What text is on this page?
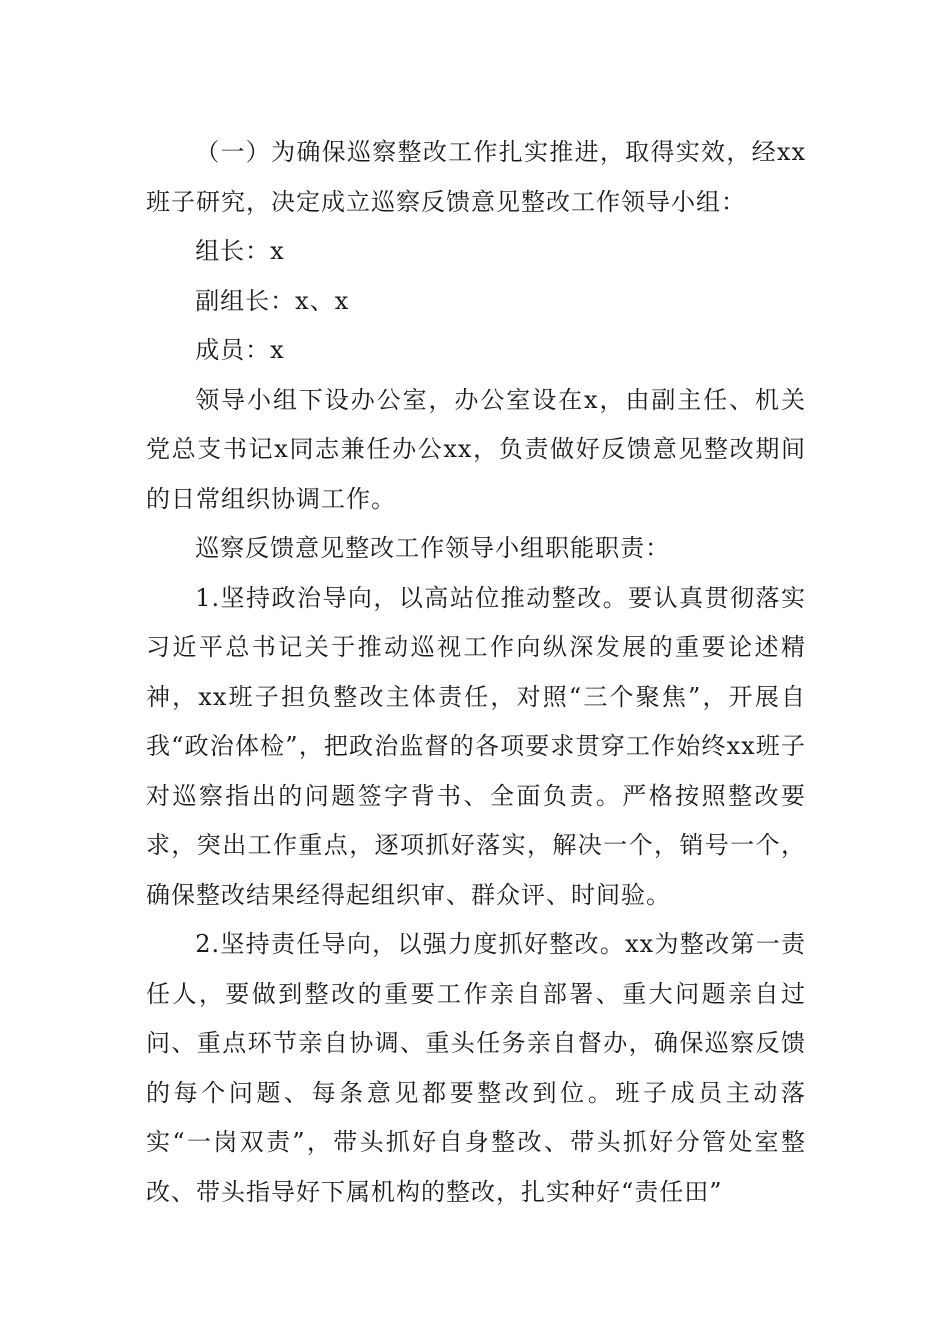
（一）为确保巡察整改工作扎实推进，取得实效，经xx班子研究，决定成立巡察反馈意见整改工作领导小组：

组长：x

副组长：x、x

成员：x

领导小组下设办公室，办公室设在x，由副主任、机关党总支书记x同志兼任办公xx，负责做好反馈意见整改期间的日常组织协调工作。

巡察反馈意见整改工作领导小组职能职责：

1.坚持政治导向，以高站位推动整改。要认真贯彻落实习近平总书记关于推动巡视工作向纵深发展的重要论述精神，xx班子担负整改主体责任，对照“三个聚焦”，开展自我“政治体检”，把政治监督的各项要求贯穿工作始终xx班子对巡察指出的问题签字背书、全面负责。严格按照整改要求，突出工作重点，逐项抓好落实，解决一个，销号一个，确保整改结果经得起组织审、群众评、时间验。

2.坚持责任导向，以强力度抓好整改。xx为整改第一责任人，要做到整改的重要工作亲自部署、重大问题亲自过问、重点环节亲自协调、重头任务亲自督办，确保巡察反馈的每个问题、每条意见都要整改到位。班子成员主动落实“一岗双责”，带头抓好自身整改、带头抓好分管处室整改、带头指导好下属机构的整改，扎实种好“责任田”
